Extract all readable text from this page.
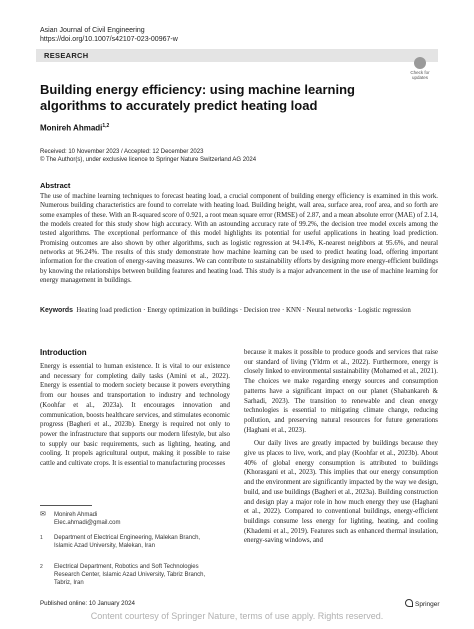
Asian Journal of Civil Engineering
https://doi.org/10.1007/s42107-023-00967-w
RESEARCH
Check for updates
Building energy efficiency: using machine learning algorithms to accurately predict heating load
Monireh Ahmadi$^{1,2}$
Received: 10 November 2023 / Accepted: 12 December 2023
© The Author(s), under exclusive licence to Springer Nature Switzerland AG 2024
Abstract
The use of machine learning techniques to forecast heating load, a crucial component of building energy efficiency is examined in this work. Numerous building characteristics are found to correlate with heating load. Building height, wall area, surface area, roof area, and so forth are some examples of these. With an R-squared score of 0.921, a root mean square error (RMSE) of 2.87, and a mean absolute error (MAE) of 2.14, the models created for this study show high accuracy. With an astounding accuracy rate of 99.2%, the decision tree model excels among the tested algorithms. The exceptional performance of this model highlights its potential for useful applications in heating load prediction. Promising outcomes are also shown by other algorithms, such as logistic regression at 94.14%, K-nearest neighbors at 95.6%, and neural networks at 96.24%. The results of this study demonstrate how machine learning can be used to predict heating load, offering important information for the creation of energy-saving measures. We can contribute to sustainability efforts by designing more energy-efficient buildings by knowing the relationships between building features and heating load. This study is a major advancement in the use of machine learning for energy management in buildings.
Keywords Heating load prediction · Energy optimization in buildings · Decision tree · KNN · Neural networks · Logistic regression
Introduction
Energy is essential to human existence. It is vital to our existence and necessary for completing daily tasks (Amini et al., 2022). Energy is essential to modern society because it powers everything from our houses and transportation to industry and technology (Koohfar et al., 2023a). It encourages innovation and communication, boosts healthcare services, and stimulates economic progress (Bagheri et al., 2023b). Energy is required not only to power the infrastructure that supports our modern lifestyle, but also to supply our basic requirements, such as lighting, heating, and cooling. It propels agricultural output, making it possible to raise cattle and cultivate crops. It is essential to manufacturing processes

because it makes it possible to produce goods and services that raise our standard of living (Yldrm et al., 2022). Furthermore, energy is closely linked to environmental sustainability (Mohamed et al., 2021). The choices we make regarding energy sources and consumption patterns have a significant impact on our planet (Shabankareh & Sarhadi, 2023). The transition to renewable and clean energy technologies is essential to mitigating climate change, reducing pollution, and preserving natural resources for future generations (Haghani et al., 2023).

Our daily lives are greatly impacted by buildings because they give us places to live, work, and play (Koohfar et al., 2023b). About 40% of global energy consumption is attributed to buildings (Khorasgani et al., 2023). This implies that our energy consumption and the environment are significantly impacted by the way we design, build, and use buildings (Bagheri et al., 2023a). Building construction and design play a major role in how much energy they use (Haghani et al., 2022). Compared to conventional buildings, energy-efficient buildings consume less energy for lighting, heating, and cooling (Khademi et al., 2019). Features such as enhanced thermal insulation, energy-saving windows, and

✉ Monireh Ahmadi
Elec.ahmadi@gmail.com
1 Department of Electrical Engineering, Malekan Branch, Islamic Azad University, Malekan, Iran
2 Electrical Department, Robotics and Soft Technologies Research Center, Islamic Azad University, Tabriz Branch, Tabriz, Iran
Published online: 10 January 2024	Springer
Content courtesy of Springer Nature, terms of use apply. Rights reserved.
